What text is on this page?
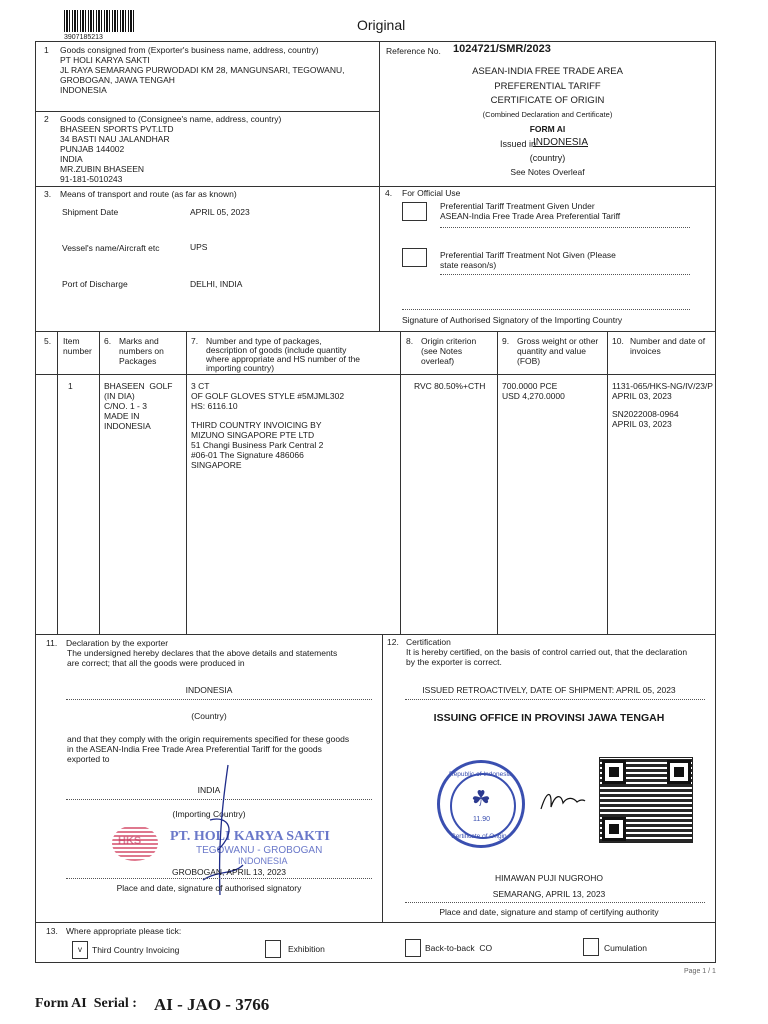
3907185213
Original
1 Goods consigned from (Exporter's business name, address, country)
PT HOLI KARYA SAKTI
JL RAYA SEMARANG PURWODADI KM 28, MANGUNSARI, TEGOWANU,
GROBOGAN, JAWA TENGAH
INDONESIA
2 Goods consigned to (Consignee's name, address, country)
BHASEEN SPORTS PVT.LTD
34 BASTI NAU JALANDHAR
PUNJAB 144002
INDIA
MR.ZUBIN BHASEEN
91-181-5010243
Reference No. 1024721/SMR/2023
ASEAN-INDIA FREE TRADE AREA
PREFERENTIAL TARIFF
CERTIFICATE OF ORIGIN
(Combined Declaration and Certificate)
FORM AI
Issued in
INDONESIA
(country)
See Notes Overleaf
3. Means of transport and route (as far as known)
Shipment Date	APRIL 05, 2023
Vessel's name/Aircraft etc	UPS
Port of Discharge	DELHI, INDIA
4. For Official Use
Preferential Tariff Treatment Given Under
ASEAN-India Free Trade Area Preferential Tariff
Preferential Tariff Treatment Not Given (Please
state reason/s)
Signature of Authorised Signatory of the Importing Country
5. Item
number
6. Marks and
numbers on
Packages
7. Number and type of packages,
description of goods (include quantity
where appropriate and HS number of the
importing country)
8. Origin criterion
(see Notes
overleaf)
9. Gross weight or other
quantity and value
(FOB)
10. Number and date of
invoices
1	BHASEEN  GOLF
(IN DIA)
C/NO. 1 - 3
MADE IN
INDONESIA
3 CT
OF GOLF GLOVES STYLE #5MJML302
HS: 6116.10
THIRD COUNTRY INVOICING BY
MIZUNO SINGAPORE PTE LTD
51 Changi Business Park Central 2
#06-01 The Signature 486066
SINGAPORE
RVC 80.50%+CTH 700.0000 PCE
USD 4,270.0000
1131-065/HKS-NG/IV/23/P
APRIL 03, 2023
SN2022008-0964
APRIL 03, 2023
11. Declaration by the exporter
The undersigned hereby declares that the above details and statements
are correct; that all the goods were produced in
INDONESIA
(Country)
and that they comply with the origin requirements specified for these goods
in the ASEAN-India Free Trade Area Preferential Tariff for the goods
exported to
INDIA
(Importing Country)
HKS PT. HOLI KARYA SAKTI
TEGOWANU - GROBOGAN
INDONESIA
GROBOGAN, APRIL 13, 2023
Place and date, signature of authorised signatory
12. Certification
It is hereby certified, on the basis of control carried out, that the declaration
by the exporter is correct.
ISSUED RETROACTIVELY, DATE OF SHIPMENT: APRIL 05, 2023
ISSUING OFFICE IN PROVINSI JAWA TENGAH
Republic of Indonesia
Certificate of Origin
11.90
☘
HIMAWAN PUJI NUGROHO
SEMARANG, APRIL 13, 2023
Place and date, signature and stamp of certifying authority
13. Where appropriate please tick:
v	Third Country Invoicing	Exhibition	Back-to-back  CO	Cumulation
Page 1 / 1
Form AI  Serial : AI - JAO - 3766
